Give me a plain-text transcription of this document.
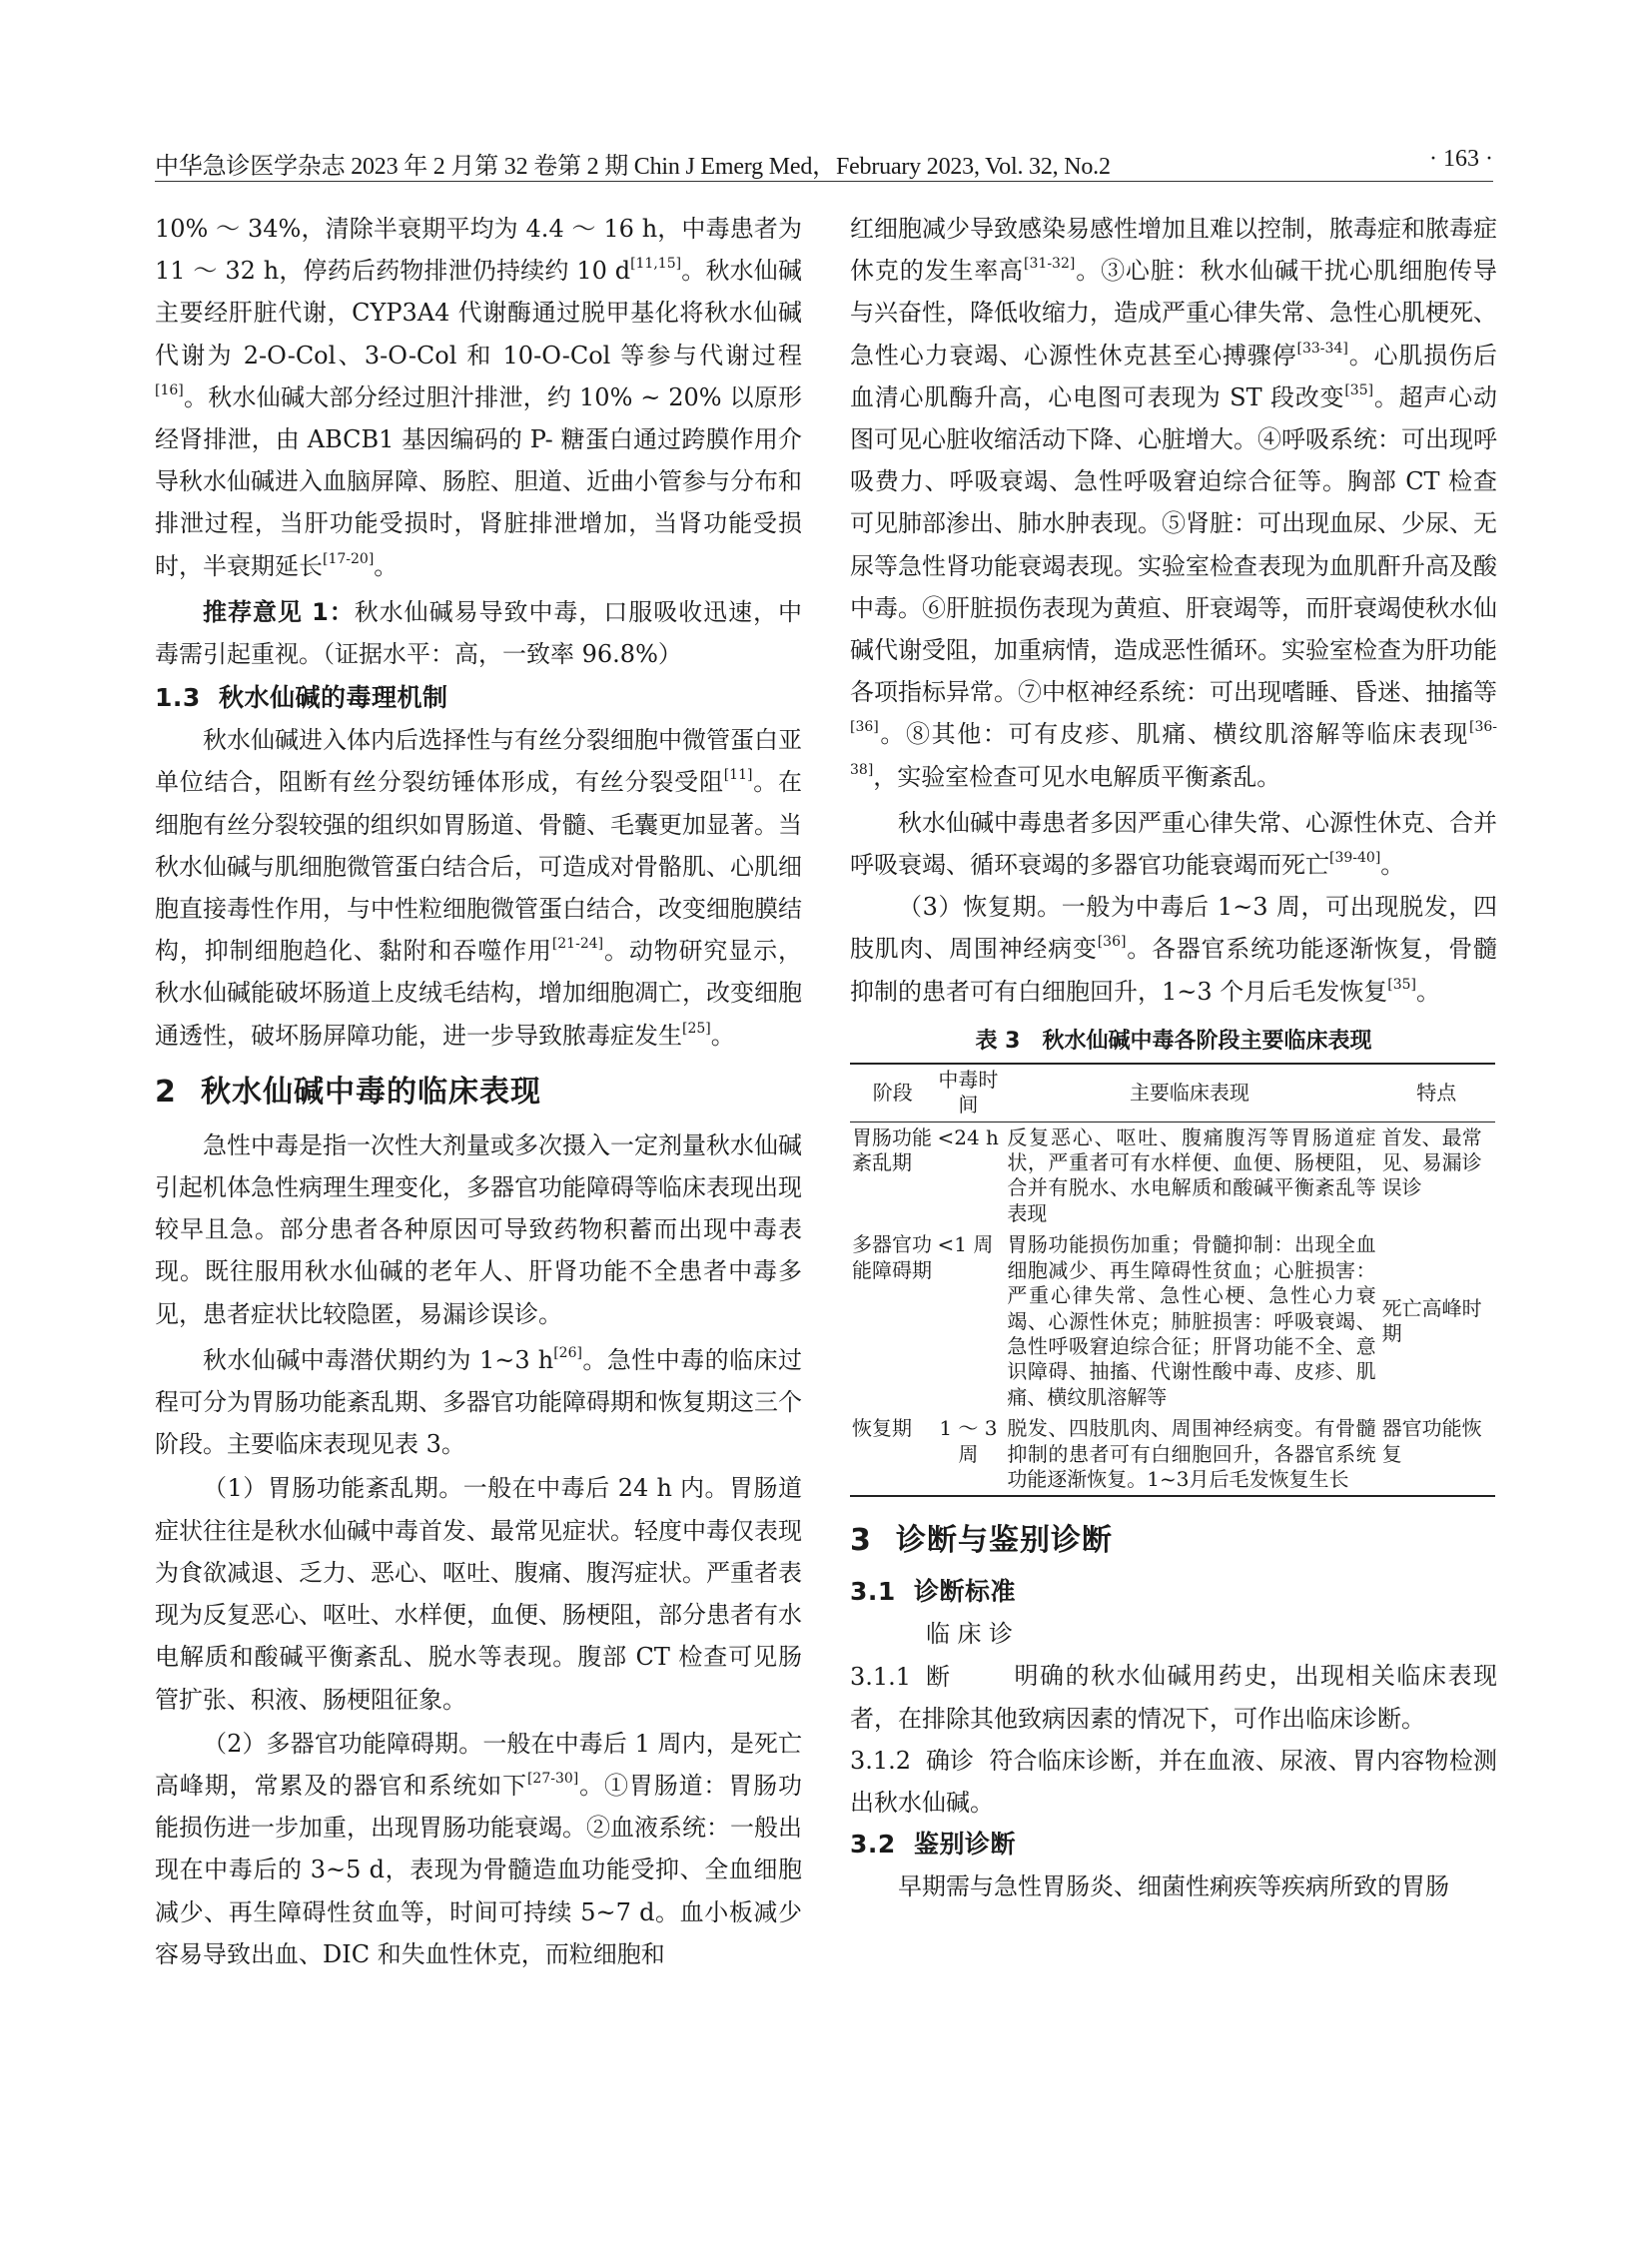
中华急诊医学杂志 2023 年 2 月第 32 卷第 2 期 Chin J Emerg Med，February 2023, Vol. 32, No.2	· 163 ·

10% ～ 34%，清除半衰期平均为 4.4 ～ 16 h，中毒患者为 11 ～ 32 h，停药后药物排泄仍持续约 10 d[11,15]。秋水仙碱主要经肝脏代谢，CYP3A4 代谢酶通过脱甲基化将秋水仙碱代谢为 2-O-Col、3-O-Col 和 10-O-Col 等参与代谢过程[16]。秋水仙碱大部分经过胆汁排泄，约 10% ~ 20% 以原形经肾排泄，由 ABCB1 基因编码的 P- 糖蛋白通过跨膜作用介导秋水仙碱进入血脑屏障、肠腔、胆道、近曲小管参与分布和排泄过程，当肝功能受损时，肾脏排泄增加，当肾功能受损时，半衰期延长[17-20]。

推荐意见 1：秋水仙碱易导致中毒，口服吸收迅速，中毒需引起重视。（证据水平：高，一致率 96.8%）

1.3 秋水仙碱的毒理机制

秋水仙碱进入体内后选择性与有丝分裂细胞中微管蛋白亚单位结合，阻断有丝分裂纺锤体形成，有丝分裂受阻[11]。在细胞有丝分裂较强的组织如胃肠道、骨髓、毛囊更加显著。当秋水仙碱与肌细胞微管蛋白结合后，可造成对骨骼肌、心肌细胞直接毒性作用，与中性粒细胞微管蛋白结合，改变细胞膜结构，抑制细胞趋化、黏附和吞噬作用[21-24]。动物研究显示，秋水仙碱能破坏肠道上皮绒毛结构，增加细胞凋亡，改变细胞通透性，破坏肠屏障功能，进一步导致脓毒症发生[25]。

2 秋水仙碱中毒的临床表现

急性中毒是指一次性大剂量或多次摄入一定剂量秋水仙碱引起机体急性病理生理变化，多器官功能障碍等临床表现出现较早且急。部分患者各种原因可导致药物积蓄而出现中毒表现。既往服用秋水仙碱的老年人、肝肾功能不全患者中毒多见，患者症状比较隐匿，易漏诊误诊。

秋水仙碱中毒潜伏期约为 1~3 h[26]。急性中毒的临床过程可分为胃肠功能紊乱期、多器官功能障碍期和恢复期这三个阶段。主要临床表现见表 3。

（1）胃肠功能紊乱期。一般在中毒后 24 h 内。胃肠道症状往往是秋水仙碱中毒首发、最常见症状。轻度中毒仅表现为食欲减退、乏力、恶心、呕吐、腹痛、腹泻症状。严重者表现为反复恶心、呕吐、水样便，血便、肠梗阻，部分患者有水电解质和酸碱平衡紊乱、脱水等表现。腹部 CT 检查可见肠管扩张、积液、肠梗阻征象。

（2）多器官功能障碍期。一般在中毒后 1 周内，是死亡高峰期，常累及的器官和系统如下[27-30]。①胃肠道：胃肠功能损伤进一步加重，出现胃肠功能衰竭。②血液系统：一般出现在中毒后的 3~5 d，表现为骨髓造血功能受抑、全血细胞减少、再生障碍性贫血等，时间可持续 5~7 d。血小板减少容易导致出血、DIC 和失血性休克，而粒细胞和

红细胞减少导致感染易感性增加且难以控制，脓毒症和脓毒症休克的发生率高[31-32]。③心脏：秋水仙碱干扰心肌细胞传导与兴奋性，降低收缩力，造成严重心律失常、急性心肌梗死、急性心力衰竭、心源性休克甚至心搏骤停[33-34]。心肌损伤后血清心肌酶升高，心电图可表现为 ST 段改变[35]。超声心动图可见心脏收缩活动下降、心脏增大。④呼吸系统：可出现呼吸费力、呼吸衰竭、急性呼吸窘迫综合征等。胸部 CT 检查可见肺部渗出、肺水肿表现。⑤肾脏：可出现血尿、少尿、无尿等急性肾功能衰竭表现。实验室检查表现为血肌酐升高及酸中毒。⑥肝脏损伤表现为黄疸、肝衰竭等，而肝衰竭使秋水仙碱代谢受阻，加重病情，造成恶性循环。实验室检查为肝功能各项指标异常。⑦中枢神经系统：可出现嗜睡、昏迷、抽搐等[36]。⑧其他：可有皮疹、肌痛、横纹肌溶解等临床表现[36-38]，实验室检查可见水电解质平衡紊乱。

秋水仙碱中毒患者多因严重心律失常、心源性休克、合并呼吸衰竭、循环衰竭的多器官功能衰竭而死亡[39-40]。

（3）恢复期。一般为中毒后 1~3 周，可出现脱发，四肢肌肉、周围神经病变[36]。各器官系统功能逐渐恢复，骨髓抑制的患者可有白细胞回升，1~3 个月后毛发恢复[35]。

表 3　秋水仙碱中毒各阶段主要临床表现
阶段	中毒时间	主要临床表现	特点
胃肠功能紊乱期	<24 h	反复恶心、呕吐、腹痛腹泻等胃肠道症状，严重者可有水样便、血便、肠梗阻，合并有脱水、水电解质和酸碱平衡紊乱等表现	首发、最常见、易漏诊误诊
多器官功能障碍期	<1 周	胃肠功能损伤加重；骨髓抑制：出现全血细胞减少、再生障碍性贫血；心脏损害：严重心律失常、急性心梗、急性心力衰竭、心源性休克；肺脏损害：呼吸衰竭、急性呼吸窘迫综合征；肝肾功能不全、意识障碍、抽搐、代谢性酸中毒、皮疹、肌痛、横纹肌溶解等	死亡高峰时期
恢复期	1 ～ 3 周	脱发、四肢肌肉、周围神经病变。有骨髓抑制的患者可有白细胞回升，各器官系统功能逐渐恢复。1~3月后毛发恢复生长	器官功能恢复
3 诊断与鉴别诊断
3.1 诊断标准

3.1.1临床诊断	明确的秋水仙碱用药史，出现相关临床表现者，在排除其他致病因素的情况下，可作出临床诊断。

3.1.2 确诊 符合临床诊断，并在血液、尿液、胃内容物检测出秋水仙碱。

3.2 鉴别诊断

早期需与急性胃肠炎、细菌性痢疾等疾病所致的胃肠
